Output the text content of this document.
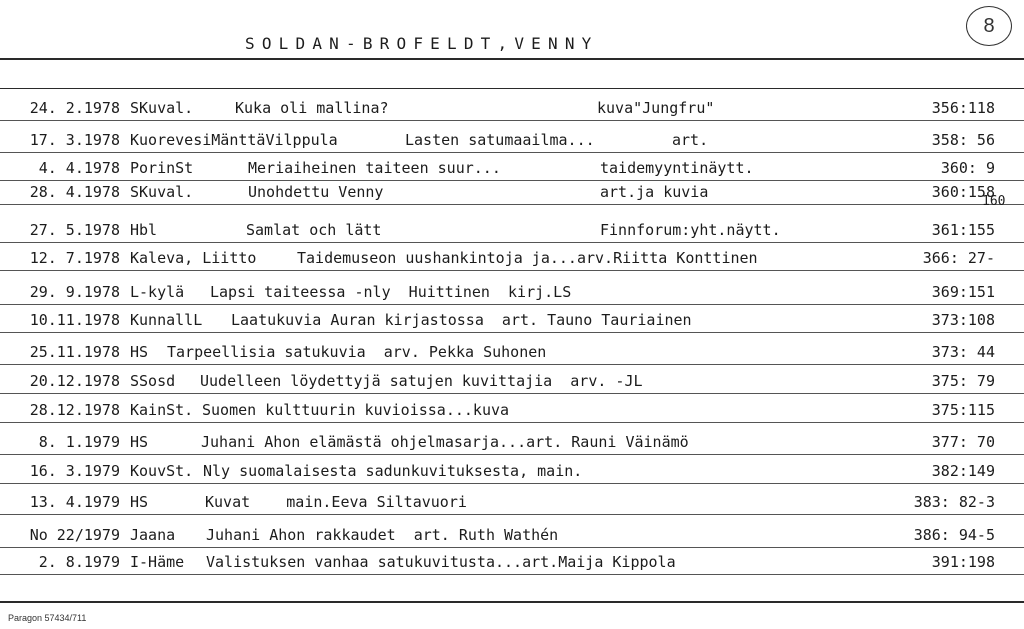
SOLDAN-BROFELDT,VENNY
8
24. 2.1978 SKuval.	Kuka oli mallina?	kuva"Jungfru"	356:118
17. 3.1978 KuorevesiMänttäVilppula	Lasten satumaailma...	art.	358: 56
4. 4.1978 PorinSt	Meriaiheinen taiteen suur...	taidemyyntinäytt.	360: 9
28. 4.1978 SKuval.	Unohdettu Venny	art.ja kuvia	360:158
160
27. 5.1978 Hbl	Samlat och lätt	Finnforum:yht.näytt.	361:155
12. 7.1978 Kaleva, Liitto	Taidemuseon uushankintoja ja...arv.Riitta Konttinen	366: 27-
29. 9.1978 L-kylä Lapsi taiteessa -nly  Huittinen  kirj.LS	369:151
10.11.1978 KunnallL Laatukuvia Auran kirjastossa  art. Tauno Tauriainen	373:108
25.11.1978 HS Tarpeellisia satukuvia  arv. Pekka Suhonen	373: 44
20.12.1978 SSosd Uudelleen löydettyjä satujen kuvittajia  arv. -JL	375: 79
28.12.1978 KainSt. Suomen kulttuurin kuvioissa...kuva	375:115
8. 1.1979 HS	Juhani Ahon elämästä ohjelmasarja...art. Rauni Väinämö	377: 70
16. 3.1979 KouvSt. Nly suomalaisesta sadunkuvituksesta, main.	382:149
13. 4.1979 HS	Kuvat    main.Eeva Siltavuori	383: 82-3
No 22/1979 Jaana Juhani Ahon rakkaudet  art. Ruth Wathén	386: 94-5
2. 8.1979 I-Häme Valistuksen vanhaa satukuvitusta...art.Maija Kippola	391:198
Paragon 57434/711
